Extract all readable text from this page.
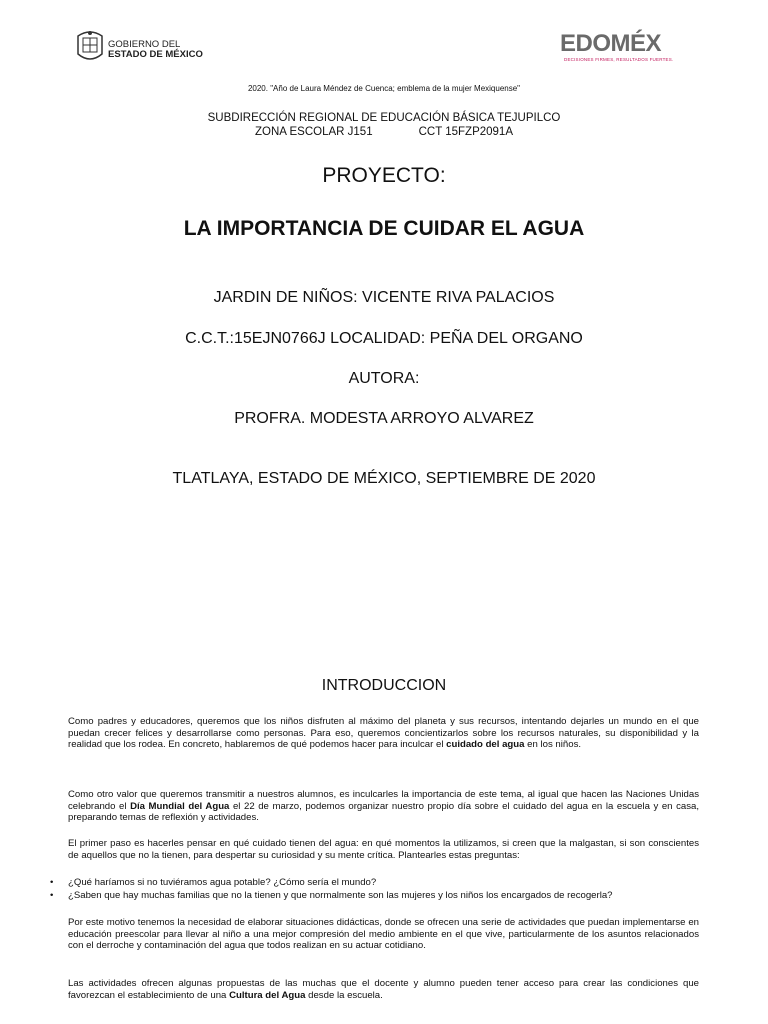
GOBIERNO DEL
ESTADO DE MÉXICO	EDOMÉX
DECISIONES FIRMES, RESULTADOS FUERTES.
2020. "Año de Laura Méndez de Cuenca; emblema de la mujer Mexiquense"
SUBDIRECCIÓN REGIONAL DE EDUCACIÓN BÁSICA TEJUPILCO
ZONA ESCOLAR J151	CCT 15FZP2091A
PROYECTO:
LA IMPORTANCIA DE CUIDAR EL AGUA
JARDIN DE NIÑOS: VICENTE RIVA PALACIOS
C.C.T.:15EJN0766J LOCALIDAD: PEÑA DEL ORGANO
AUTORA:
PROFRA. MODESTA ARROYO ALVAREZ
TLATLAYA, ESTADO DE MÉXICO, SEPTIEMBRE DE 2020
INTRODUCCION

Como padres y educadores, queremos que los niños disfruten al máximo del planeta y sus recursos, intentando dejarles un mundo en el que puedan crecer felices y desarrollarse como personas. Para eso, queremos concientizarlos sobre los recursos naturales, su disponibilidad y la realidad que los rodea. En concreto, hablaremos de qué podemos hacer para inculcar el cuidado del agua en los niños.

Como otro valor que queremos transmitir a nuestros alumnos, es inculcarles la importancia de este tema, al igual que hacen las Naciones Unidas celebrando el Día Mundial del Agua el 22 de marzo, podemos organizar nuestro propio día sobre el cuidado del agua en la escuela y en casa, preparando temas de reflexión y actividades.

El primer paso es hacerles pensar en qué cuidado tienen del agua: en qué momentos la utilizamos, si creen que la malgastan, si son conscientes de aquellos que no la tienen, para despertar su curiosidad y su mente crítica. Plantearles estas preguntas:

• ¿Qué haríamos si no tuviéramos agua potable? ¿Cómo sería el mundo?
• ¿Saben que hay muchas familias que no la tienen y que normalmente son las mujeres y los niños los encargados de recogerla?

Por este motivo tenemos la necesidad de elaborar situaciones didácticas, donde se ofrecen una serie de actividades que puedan implementarse en educación preescolar para llevar al niño a una mejor compresión del medio ambiente en el que vive, particularmente de los asuntos relacionados con el derroche y contaminación del agua que todos realizan en su actuar cotidiano.

Las actividades ofrecen algunas propuestas de las muchas que el docente y alumno pueden tener acceso para crear las condiciones que favorezcan el establecimiento de una Cultura del Agua desde la escuela.
